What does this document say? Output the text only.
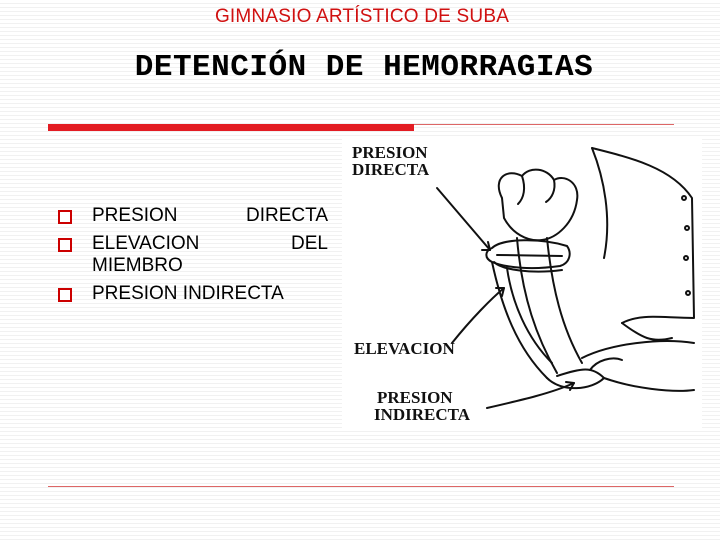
GIMNASIO ARTÍSTICO DE SUBA
DETENCIÓN DE HEMORRAGIAS
PRESION DIRECTA
ELEVACION DEL
MIEMBRO
PRESION INDIRECTA
PRESION
DIRECTA
ELEVACION
PRESION
INDIRECTA
